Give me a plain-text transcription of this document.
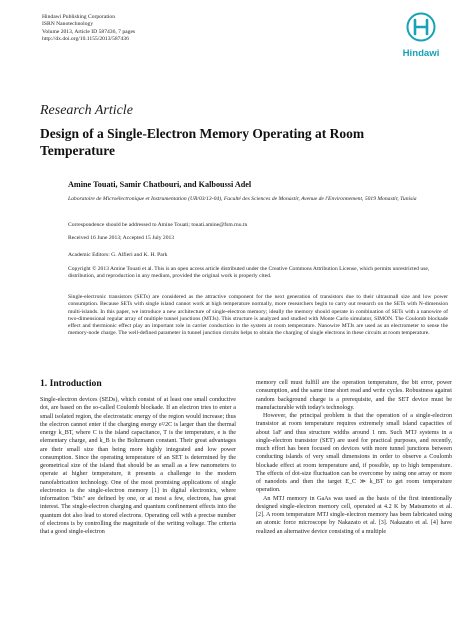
Hindawi Publishing Corporation
ISRN Nanotechnology
Volume 2013, Article ID 587436, 7 pages
http://dx.doi.org/10.1155/2013/587436
Hindawi
Research Article
Design of a Single-Electron Memory Operating at Room Temperature
Amine Touati, Samir Chatbouri, and Kalboussi Adel
Laboratoire de Microélectronique et Instrumentation (UR/03/13-04), Faculté des Sciences de Monastir, Avenue de l'Environnement, 5019 Monastir, Tunisia
Correspondence should be addressed to Amine Touati; touati.amine@fsm.rnu.tn
Received 16 June 2013; Accepted 15 July 2013
Academic Editors: G. Alfieri and K. H. Park
Copyright © 2013 Amine Touati et al. This is an open access article distributed under the Creative Commons Attribution License, which permits unrestricted use, distribution, and reproduction in any medium, provided the original work is properly cited.
Single-electronic transistors (SETs) are considered as the attractive component for the next generation of transistors due to their ultrasmall size and low power consumption. Because SETs with single island cannot work at high temperature normally, more researchers begin to carry out research on the SETs with N-dimension multi-islands. In this paper, we introduce a new architecture of single-electron memory; ideally the memory should operate in combination of SETs with a nanowire of two-dimensional regular array of multiple tunnel junctions (MTJs). This structure is analyzed and studied with Monte Carlo simulator, SIMON. The Coulomb blockade effect and thermionic effect play an important role in carrier conduction in the system at room temperature. Nanowire MTJs are used as an electrometer to sense the memory-node charge. The well-defined parameter in tunnel junction circuits helps to obtain the charging of single electrons in these circuits at room temperature.
1. Introduction

Single-electron devices (SEDs), which consist of at least one small conductive dot, are based on the so-called Coulomb blockade. If an electron tries to enter a small isolated region, the electrostatic energy of the region would increase; thus the electron cannot enter if the charging energy e²/2C is larger than the thermal energy k_BT, where C is the island capacitance, T is the temperature, e is the elementary charge, and k_B is the Boltzmann constant. Their great advantages are their small size than being more highly integrated and low power consumption. Since the operating temperature of an SET is determined by the geometrical size of the island that should be as small as a few nanometers to operate at higher temperature, it presents a challenge to the modern nanofabrication technology. One of the most promising applications of single electronics is the single-electron memory [1] in digital electronics, where information "bits" are defined by one, or at most a few, electrons, has great interest. The single-electron charging and quantum confinement effects into the quantum dot also lead to stored electrons. Operating cell with a precise number of electrons is by controlling the magnitude of the writing voltage. The criteria that a good single-electron

memory cell must fulfill are the operation temperature, the bit error, power consumption, and the same time short read and write cycles. Robustness against random background charge is a prerequisite, and the SET device must be manufacturable with today's technology.

However, the principal problem is that the operation of a single-electron transistor at room temperature requires extremely small island capacities of about 1aF and thus structure widths around 1 nm. Such MTJ systems in a single-electron transistor (SET) are used for practical purposes, and recently, much effort has been focused on devices with more tunnel junctions between conducting islands of very small dimensions in order to observe a Coulomb blockade effect at room temperature and, if possible, up to high temperature. The effects of dot-size fluctuation can be overcome by using one array or more of nanodots and then the target E_C ≫ k_BT to get room temperature operation.

An MTJ memory in GaAs was used as the basis of the first intentionally designed single-electron memory cell, operated at 4.2 K by Matsumoto et al. [2]. A room temperature MTJ single-electron memory has been fabricated using an atomic force microscope by Nakazato et al. [3]. Nakazato et al. [4] have realized an alternative device consisting of a multiple
